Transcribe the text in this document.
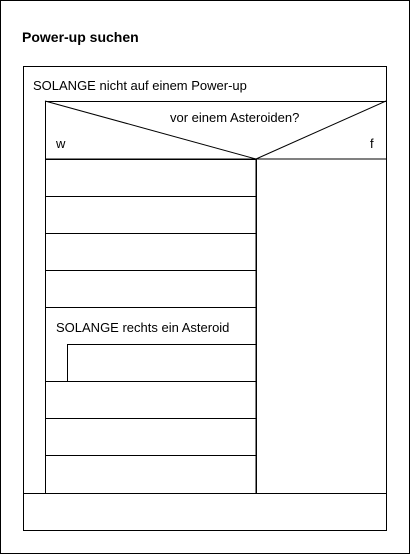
Power-up suchen
SOLANGE nicht auf einem Power-up
vor einem Asteroiden?
w	f
SOLANGE rechts ein Asteroid
